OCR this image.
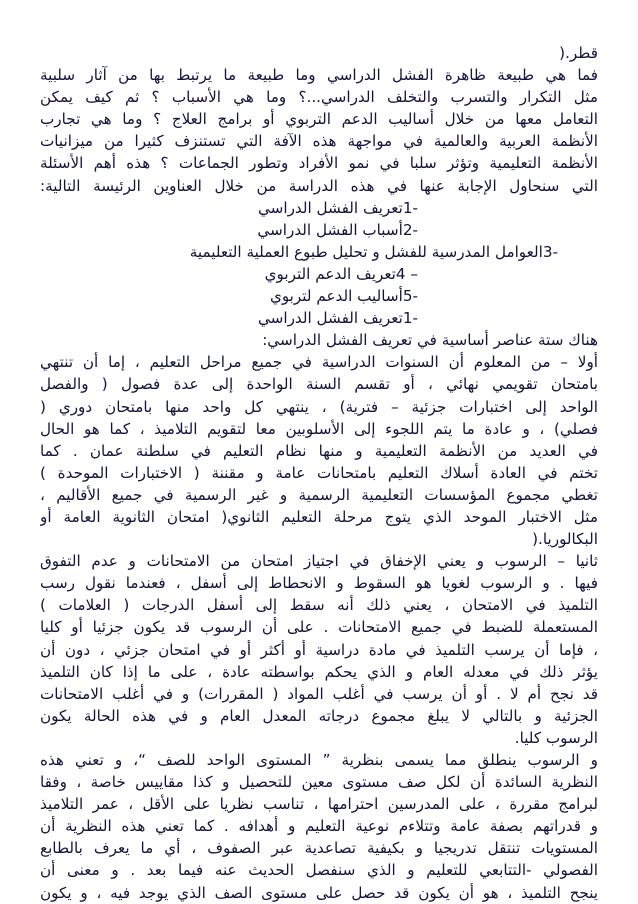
قطر.(
فما هي طبيعة ظاهرة الفشل الدراسي وما طبيعة ما يرتبط بها من آثار سلبية
مثل التكرار والتسرب والتخلف الدراسي...؟ وما هي الأسباب ؟ ثم كيف يمكن
التعامل معها من خلال أساليب الدعم التربوي أو برامج العلاج ؟ وما هي تجارب
الأنظمة العربية والعالمية في مواجهة هذه الآفة التي تستنزف كثيرا من ميزانيات
الأنظمة التعليمية وتؤثر سلبا في نمو الأفراد وتطور الجماعات ؟ هذه أهم الأسئلة
التي سنحاول الإجابة عنها في هذه الدراسة من خلال العناوين الرئيسة التالية:
-1تعريف الفشل الدراسي
-2أسباب الفشل الدراسي
-3العوامل المدرسية للفشل و تحليل طبوع العملية التعليمية
– 4تعريف الدعم التربوي
-5أساليب الدعم لتربوي
-1تعريف الفشل الدراسي
هناك ستة عناصر أساسية في تعريف الفشل الدراسي:
أولا – من المعلوم أن السنوات الدراسية في جميع مراحل التعليم ، إما أن تنتهي
بامتحان تقويمي نهائي ، أو تقسم السنة الواحدة إلى عدة فصول ( والفصل
الواحد إلى اختبارات جزئية – فترية) ، ينتهي كل واحد منها بامتحان دوري (
فصلي) ، و عادة ما يتم اللجوء إلى الأسلوبين معا لتقويم التلاميذ ، كما هو الحال
في العديد من الأنظمة التعليمية و منها نظام التعليم في سلطنة عمان . كما
تختم في العادة أسلاك التعليم بامتحانات عامة و مقننة ( الاختبارات الموحدة )
تغطي مجموع المؤسسات التعليمية الرسمية و غير الرسمية في جميع الأقاليم ،
مثل الاختبار الموحد الذي يتوج مرحلة التعليم الثانوي( امتحان الثانوية العامة أو
البكالوريا.(
ثانيا – الرسوب و يعني الإخفاق في اجتياز امتحان من الامتحانات و عدم التفوق
فيها . و الرسوب لغويا هو السقوط و الانحطاط إلى أسفل ، فعندما نقول رسب
التلميذ في الامتحان ، يعني ذلك أنه سقط إلى أسفل الدرجات ( العلامات )
المستعملة للضبط في جميع الامتحانات . على أن الرسوب قد يكون جزئيا أو كليا
، فإما أن يرسب التلميذ في مادة دراسية أو أكثر أو في امتحان جزئي ، دون أن
يؤثر ذلك في معدله العام و الذي يحكم بواسطته عادة ، على ما إذا كان التلميذ
قد نجح أم لا . أو أن يرسب في أغلب المواد ( المقررات) و في أغلب الامتحانات
الجزئية و بالتالي لا يبلغ مجموع درجاته المعدل العام و في هذه الحالة يكون
الرسوب كليا.
و الرسوب ينطلق مما يسمى بنظرية ” المستوى الواحد للصف “، و تعني هذه
النظرية السائدة أن لكل صف مستوى معين للتحصيل و كذا مقاييس خاصة ، وفقا
لبرامج مقررة ، على المدرسين احترامها ، تناسب نظريا على الأقل ، عمر التلاميذ
و قدراتهم بصفة عامة وتتلاءم نوعية التعليم و أهدافه . كما تعني هذه النظرية أن
المستويات تنتقل تدريجيا و بكيفية تصاعدية عبر الصفوف ، أي ما يعرف بالطابع
الفصولي -التتابعي للتعليم و الذي سنفصل الحديث عنه فيما بعد . و معنى أن
ينجح التلميذ ، هو أن يكون قد حصل على مستوى الصف الذي يوجد فيه ، و يكون
